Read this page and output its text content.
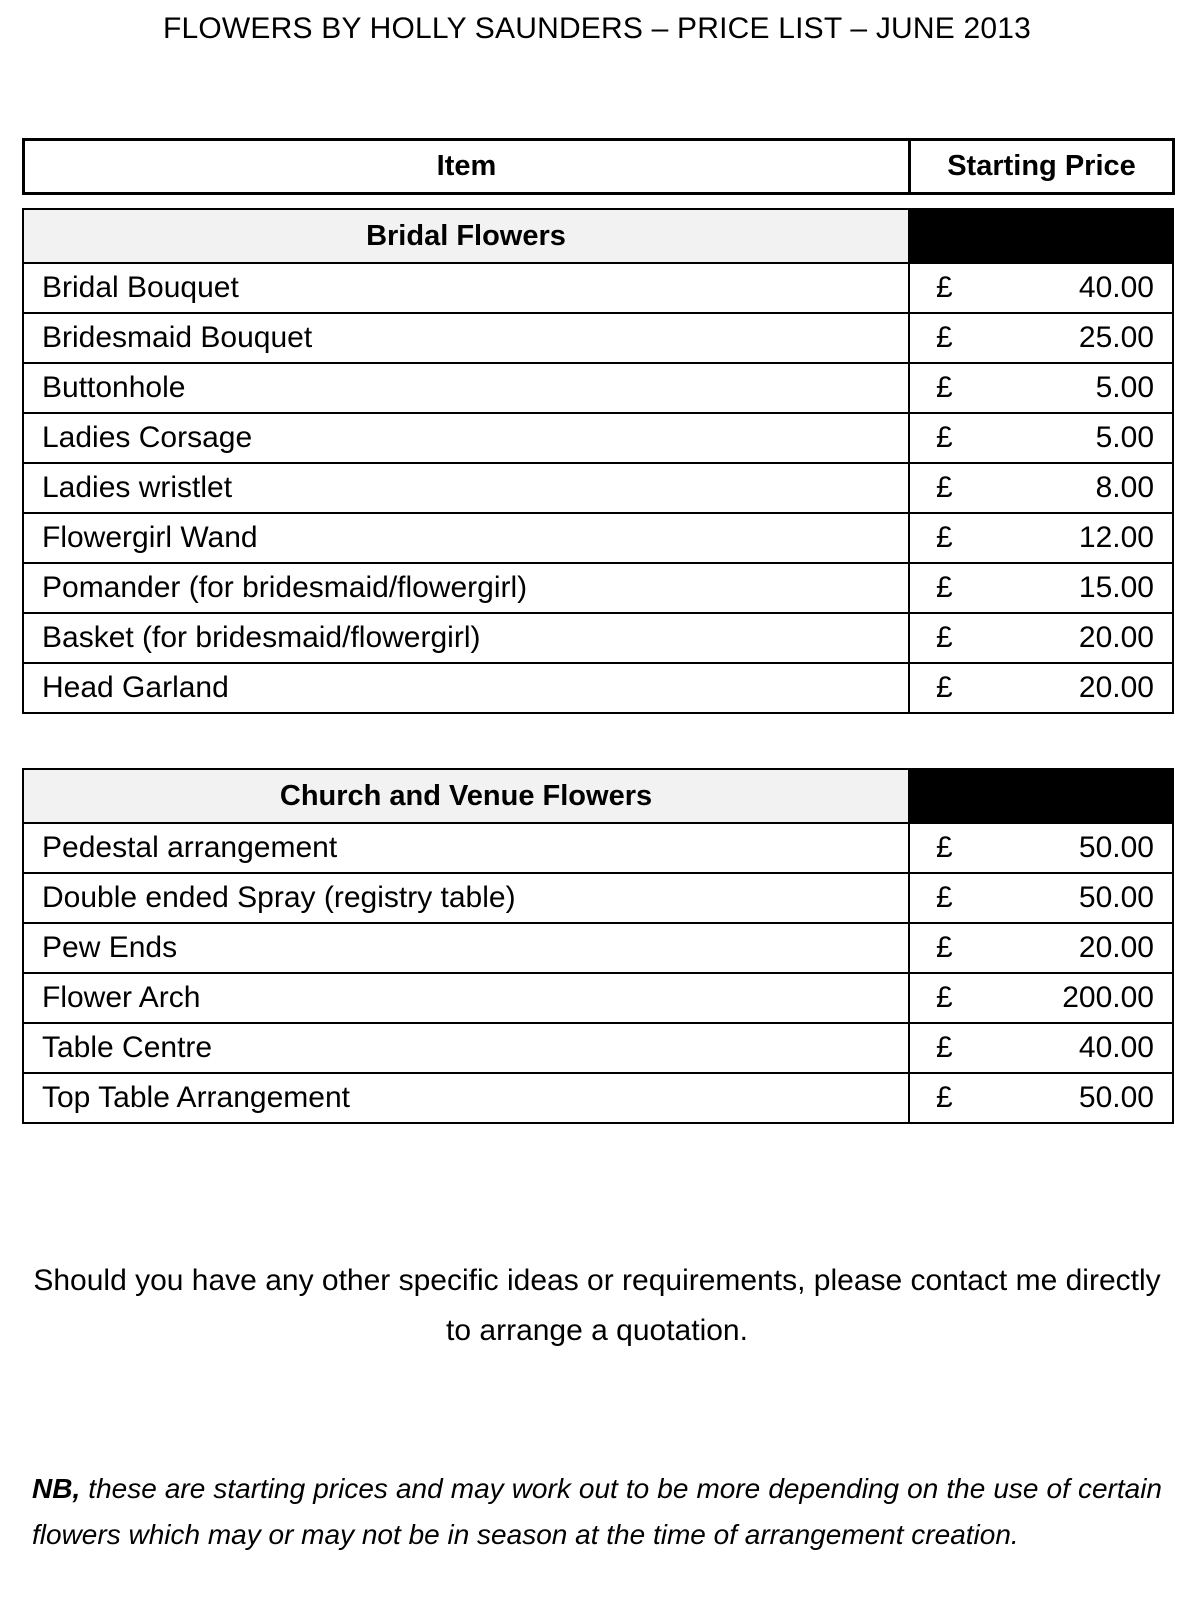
FLOWERS BY HOLLY SAUNDERS – PRICE LIST – JUNE 2013
Item	Starting Price
Bridal Flowers	
Bridal Bouquet	£ 40.00

Bridesmaid Bouquet	£ 25.00

Buttonhole	£ 5.00

Ladies Corsage	£ 5.00

Ladies wristlet	£ 8.00

Flowergirl Wand	£ 12.00

Pomander (for bridesmaid/flowergirl)	£ 15.00

Basket (for bridesmaid/flowergirl)	£ 20.00

Head Garland	£ 20.00
Church and Venue Flowers	
Pedestal arrangement	£ 50.00

Double ended Spray (registry table)	£ 50.00

Pew Ends	£ 20.00

Flower Arch	£ 200.00

Table Centre	£ 40.00

Top Table Arrangement	£ 50.00
Should you have any other specific ideas or requirements, please contact me directly to arrange a quotation.
NB, these are starting prices and may work out to be more depending on the use of certain flowers which may or may not be in season at the time of arrangement creation.
